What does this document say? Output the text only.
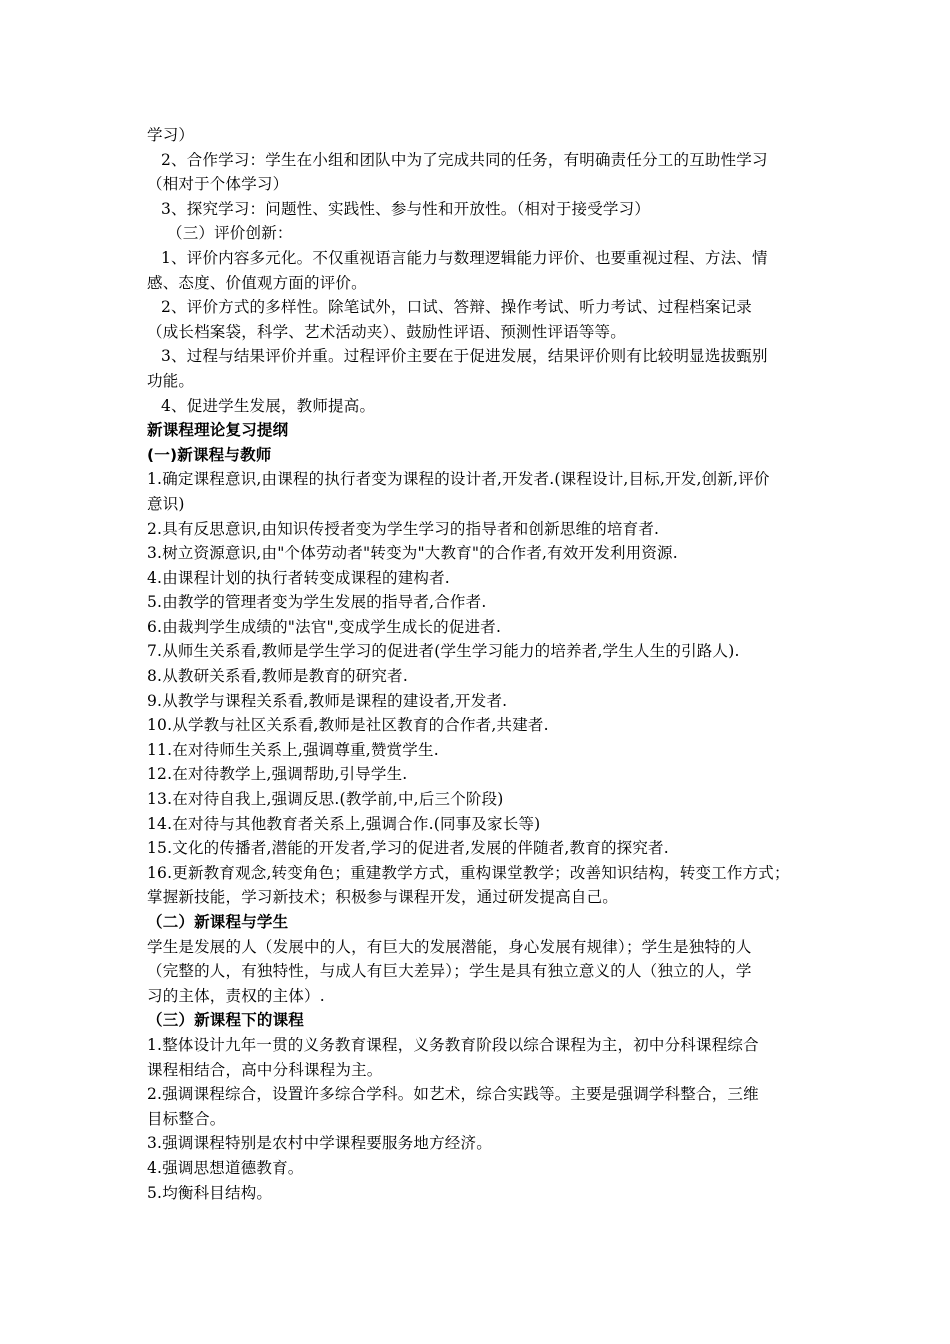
学习）
2、合作学习：学生在小组和团队中为了完成共同的任务，有明确责任分工的互助性学习
（相对于个体学习）
3、探究学习：问题性、实践性、参与性和开放性。（相对于接受学习）
（三）评价创新：
1、评价内容多元化。不仅重视语言能力与数理逻辑能力评价、也要重视过程、方法、情
感、态度、价值观方面的评价。
2、评价方式的多样性。除笔试外，口试、答辩、操作考试、听力考试、过程档案记录
（成长档案袋，科学、艺术活动夹）、鼓励性评语、预测性评语等等。
3、过程与结果评价并重。过程评价主要在于促进发展，结果评价则有比较明显选拔甄别
功能。
4、促进学生发展，教师提高。
新课程理论复习提纲
(一)新课程与教师
1.确定课程意识,由课程的执行者变为课程的设计者,开发者.(课程设计,目标,开发,创新,评价
意识)
2.具有反思意识,由知识传授者变为学生学习的指导者和创新思维的培育者.
3.树立资源意识,由"个体劳动者"转变为"大教育"的合作者,有效开发利用资源.
4.由课程计划的执行者转变成课程的建构者.
5.由教学的管理者变为学生发展的指导者,合作者.
6.由裁判学生成绩的"法官",变成学生成长的促进者.
7.从师生关系看,教师是学生学习的促进者(学生学习能力的培养者,学生人生的引路人).
8.从教研关系看,教师是教育的研究者.
9.从教学与课程关系看,教师是课程的建设者,开发者.
10.从学教与社区关系看,教师是社区教育的合作者,共建者.
11.在对待师生关系上,强调尊重,赞赏学生.
12.在对待教学上,强调帮助,引导学生.
13.在对待自我上,强调反思.(教学前,中,后三个阶段)
14.在对待与其他教育者关系上,强调合作.(同事及家长等)
15.文化的传播者,潜能的开发者,学习的促进者,发展的伴随者,教育的探究者.
16.更新教育观念,转变角色；重建教学方式，重构课堂教学；改善知识结构，转变工作方式；
掌握新技能，学习新技术；积极参与课程开发，通过研发提高自己。
（二）新课程与学生
学生是发展的人（发展中的人，有巨大的发展潜能，身心发展有规律）；学生是独特的人
（完整的人，有独特性，与成人有巨大差异）；学生是具有独立意义的人（独立的人，学
习的主体，责权的主体）.
（三）新课程下的课程
1.整体设计九年一贯的义务教育课程，义务教育阶段以综合课程为主，初中分科课程综合
课程相结合，高中分科课程为主。
2.强调课程综合，设置许多综合学科。如艺术，综合实践等。主要是强调学科整合，三维
目标整合。
3.强调课程特别是农村中学课程要服务地方经济。
4.强调思想道德教育。
5.均衡科目结构。
